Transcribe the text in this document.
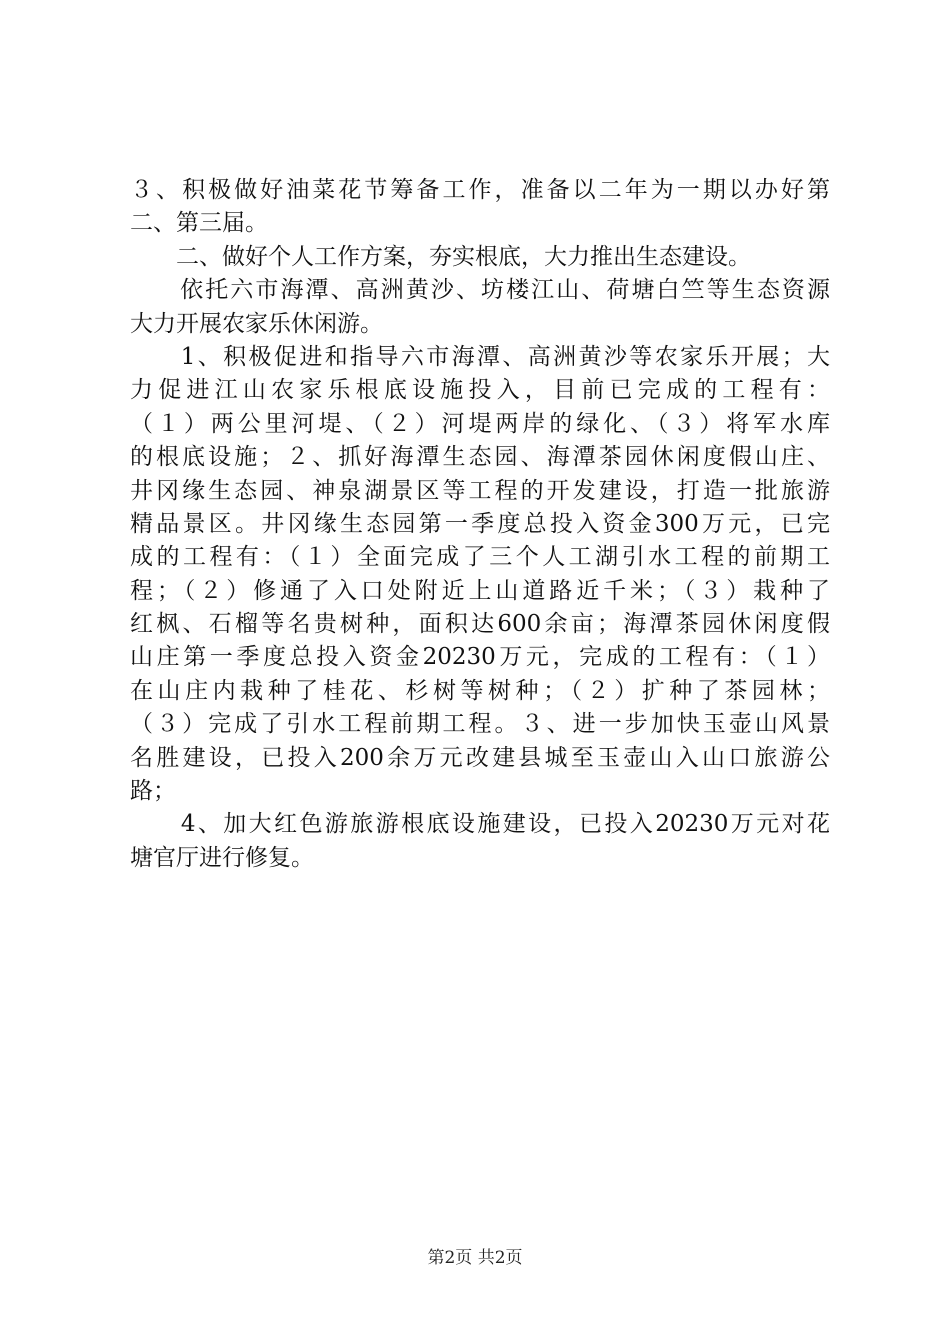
３、积极做好油菜花节筹备工作，准备以二年为一期以办好第
二、第三届。
　　二、做好个人工作方案，夯实根底，大力推出生态建设。
　　依托六市海潭、高洲黄沙、坊楼江山、荷塘白竺等生态资源
大力开展农家乐休闲游。
　　1、积极促进和指导六市海潭、高洲黄沙等农家乐开展；大
力促进江山农家乐根底设施投入，目前已完成的工程有：
（１）两公里河堤、（２）河堤两岸的绿化、（３）将军水库
的根底设施；２、抓好海潭生态园、海潭茶园休闲度假山庄、
井冈缘生态园、神泉湖景区等工程的开发建设，打造一批旅游
精品景区。井冈缘生态园第一季度总投入资金300万元，已完
成的工程有：（１）全面完成了三个人工湖引水工程的前期工
程；（２）修通了入口处附近上山道路近千米；（３）栽种了
红枫、石榴等名贵树种，面积达600余亩；海潭茶园休闲度假
山庄第一季度总投入资金20230万元，完成的工程有：（１）
在山庄内栽种了桂花、杉树等树种；（２）扩种了茶园林；
（３）完成了引水工程前期工程。３、进一步加快玉壶山风景
名胜建设，已投入200余万元改建县城至玉壶山入山口旅游公
路；
　　4、加大红色游旅游根底设施建设，已投入20230万元对花
塘官厅进行修复。
第2页 共2页
